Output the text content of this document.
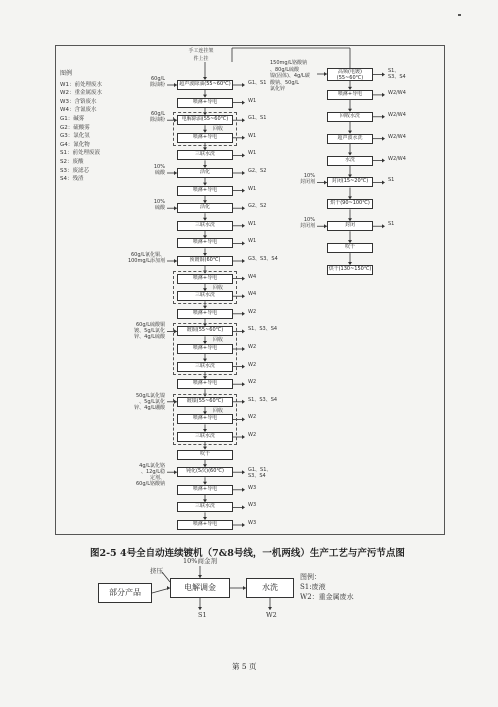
图例
W1：前处理废水
W2：重金属废水
W3：含铬废水
W4：含氰废水
G1：碱雾
G2：硫酸雾
G3：氯化氢
G4：氰化物
S1：前处理废液
S2：废酸
S3：废滤芯
S4：残渣
手工连挂架
件上挂
超声波除油(55~60℃)	G1、S1
60g/L
除油粉
喷淋+导电	W1
电解除油(55~60℃)	G1、S1
60g/L
除油粉
喷淋+导电	W1
三联水洗	W1
活化	G2、S2
10%
硫酸
喷淋+导电	W1
活化	G2、S2
10%
硫酸
三联水洗	W1
喷淋+导电	W1
预镀铜(60℃)	G3、S3、S4
60g/L氰化铜、
100mg/L添加剂
喷淋+导电	W4
三联水洗	W4
喷淋+导电	W2
镀铜(55~60℃)	S1、S3、S4
60g/L硫酸铜
镀、5g/L氯化
锌、4g/L硫酸
喷淋+导电	W2
三联水洗	W2
喷淋+导电	W2
镀镍(55~60℃)	S1、S3、S4
50g/L氯化镍
、5g/L氯化
锌、4g/L硼酸
喷淋+导电	W2
三联水洗	W2
吹干
钝化(5次)(60℃)	G1、S1、
S3、S4
4g/L氯化铬
、12g/L稳
定剂、
60g/L铬酸钠
喷淋+导电	W3
三联水洗	W3
喷淋+导电	W3
回收
回收
回收
回收
150mg/L铬酸钠
、80g/L硫酸
镍(固体)、4g/L碳
酸钠、50g/L
氯化锌
高频(电镀)
(55~60℃)
S1、
S3、S4
喷淋+导电	W2/W4
回收水洗	W2/W4
超声波水洗	W2/W4
水洗	W2/W4
封闭(15~20℃)	S1
10%
封闭剂
烘干(90~100℃)
封闭	S1
10%
封闭剂
吹干
烘干(130~150℃)
图2-5 4号全自动连续镀机（7&8号线，一机两线）生产工艺与产污节点图
挤压
10%商金剂
部分产品
电解调金	水洗
S1	W2
图例：
S1:废液
W2：重金属废水
第 5 页
